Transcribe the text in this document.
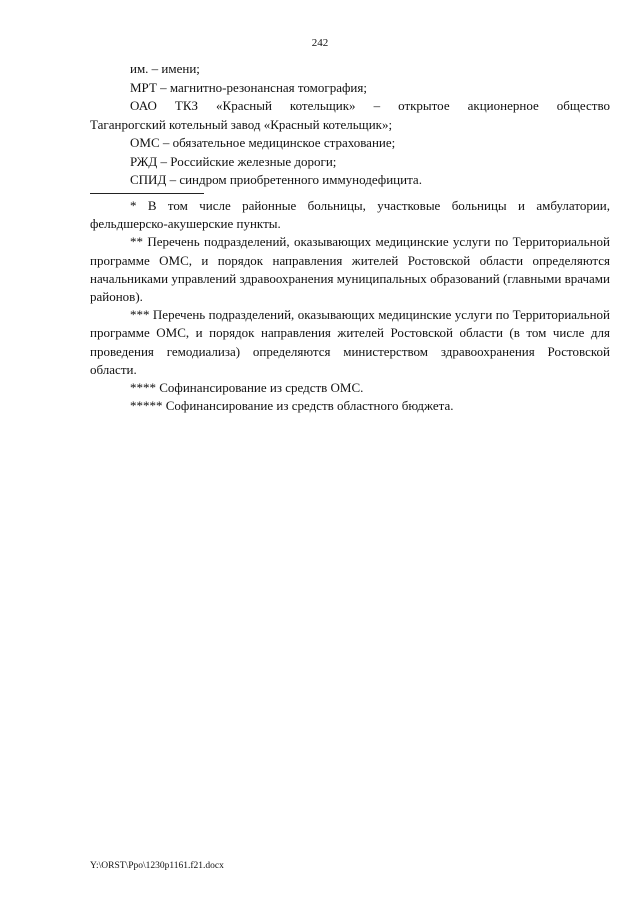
242
им. – имени;
МРТ – магнитно-резонансная томография;
ОАО ТКЗ «Красный котельщик» – открытое акционерное общество
Таганрогский котельный завод «Красный котельщик»;
ОМС – обязательное медицинское страхование;
РЖД – Российские железные дороги;
СПИД – синдром приобретенного иммунодефицита.

* В том числе районные больницы, участковые больницы и амбулатории, фельдшерско-акушерские пункты.

** Перечень подразделений, оказывающих медицинские услуги по Территориальной программе ОМС, и порядок направления жителей Ростовской области определяются начальниками управлений здравоохранения муниципальных образований (главными врачами районов).

*** Перечень подразделений, оказывающих медицинские услуги по Территориальной программе ОМС, и порядок направления жителей Ростовской области (в том числе для проведения гемодиализа) определяются министерством здравоохранения Ростовской области.

**** Софинансирование из средств ОМС.

***** Софинансирование из средств областного бюджета.

Y:\ORST\Ppo\1230p1161.f21.docx
